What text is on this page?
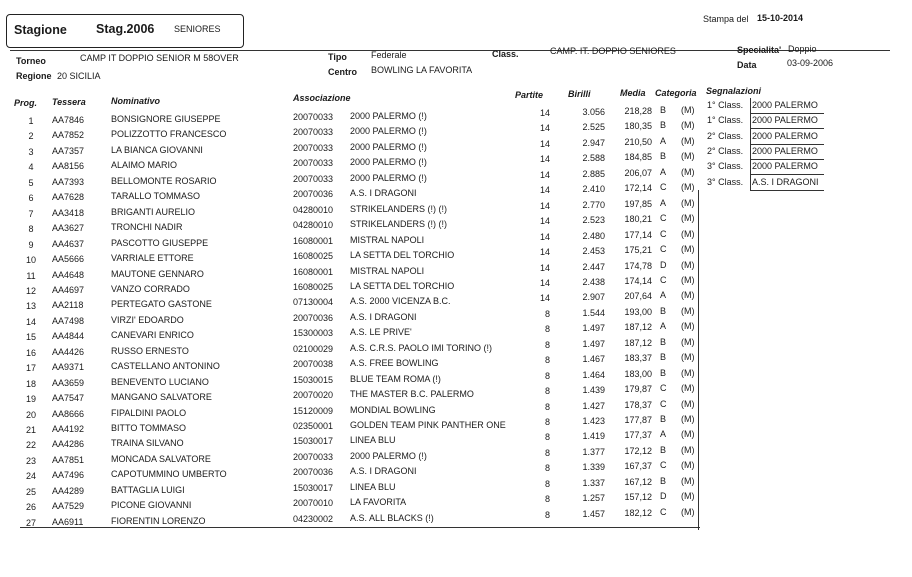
Stagione Stag.2006 SENIORES
Stampa del 15-10-2014
Torneo	CAMP IT DOPPIO SENIOR M 58OVER	Tipo	Federale	Class.	CAMP. IT. DOPPIO SENIORES	Specialita' Doppio
Regione 20 SICILIA	Centro BOWLING LA FAVORITA	Data	03-09-2006
Prog. Tessera	Nominativo	Associazione	Partite	Birilli	Media Categoria Segnalazioni
1	AA7846	BONSIGNORE GIUSEPPE	20070033 2000 PALERMO (!)	14	3.056	218,28 B (M)
2	AA7852	POLIZZOTTO FRANCESCO	20070033 2000 PALERMO (!)	14	2.525	180,35 B (M)
3	AA7357	LA BIANCA GIOVANNI	20070033 2000 PALERMO (!)	14	2.947	210,50 A (M)
4	AA8156	ALAIMO MARIO	20070033 2000 PALERMO (!)	14	2.588	184,85 B (M)
5	AA7393	BELLOMONTE ROSARIO	20070033 2000 PALERMO (!)	14	2.885	206,07 A (M)
6	AA7628	TARALLO TOMMASO	20070036 A.S. I DRAGONI	14	2.410	172,14 C (M)
7	AA3418	BRIGANTI AURELIO	04280010 STRIKELANDERS (!) (!)	14	2.770	197,85 A (M)
8	AA3627	TRONCHI NADIR	04280010 STRIKELANDERS (!) (!)	14	2.523	180,21 C (M)
9	AA4637	PASCOTTO GIUSEPPE	16080001 MISTRAL NAPOLI	14	2.480	177,14 C (M)
10	AA5666	VARRIALE ETTORE	16080025 LA SETTA DEL TORCHIO	14	2.453	175,21 C (M)
11	AA4648	MAUTONE GENNARO	16080001 MISTRAL NAPOLI	14	2.447	174,78 D (M)
12	AA4697	VANZO CORRADO	16080025 LA SETTA DEL TORCHIO	14	2.438	174,14 C (M)
13	AA2118	PERTEGATO GASTONE	07130004 A.S. 2000 VICENZA B.C.	14	2.907	207,64 A (M)
14	AA7498	VIRZI' EDOARDO	20070036 A.S. I DRAGONI	8	1.544	193,00 B (M)
15	AA4844	CANEVARI ENRICO	15300003 A.S. LE PRIVE'	8	1.497	187,12 A (M)
16	AA4426	RUSSO ERNESTO	02100029 A.S. C.R.S. PAOLO IMI TORINO (!)	8	1.497	187,12 B (M)
17	AA9371	CASTELLANO ANTONINO	20070038 A.S. FREE BOWLING	8	1.467	183,37 B (M)
18	AA3659	BENEVENTO LUCIANO	15030015 BLUE TEAM ROMA (!)	8	1.464	183,00 B (M)
19	AA7547	MANGANO SALVATORE	20070020 THE MASTER B.C. PALERMO	8	1.439	179,87 C (M)
20	AA8666	FIPALDINI PAOLO	15120009 MONDIAL BOWLING	8	1.427	178,37 C (M)
21	AA4192	BITTO TOMMASO	02350001 GOLDEN TEAM PINK PANTHER ONE	8	1.423	177,87 B (M)
22	AA4286	TRAINA SILVANO	15030017 LINEA BLU	8	1.419	177,37 A (M)
23	AA7851	MONCADA SALVATORE	20070033 2000 PALERMO (!)	8	1.377	172,12 B (M)
24	AA7496	CAPOTUMMINO UMBERTO	20070036 A.S. I DRAGONI	8	1.339	167,37 C (M)
25	AA4289	BATTAGLIA LUIGI	15030017 LINEA BLU	8	1.337	167,12 B (M)
26	AA7529	PICONE GIOVANNI	20070010 LA FAVORITA	8	1.257	157,12 D (M)
27	AA6911	FIORENTIN LORENZO	04230002 A.S. ALL BLACKS (!)	8	1.457	182,12 C (M)
1° Class. 2000 PALERMO
1° Class. 2000 PALERMO
2° Class. 2000 PALERMO
2° Class. 2000 PALERMO
3° Class. 2000 PALERMO
3° Class. A.S. I DRAGONI
